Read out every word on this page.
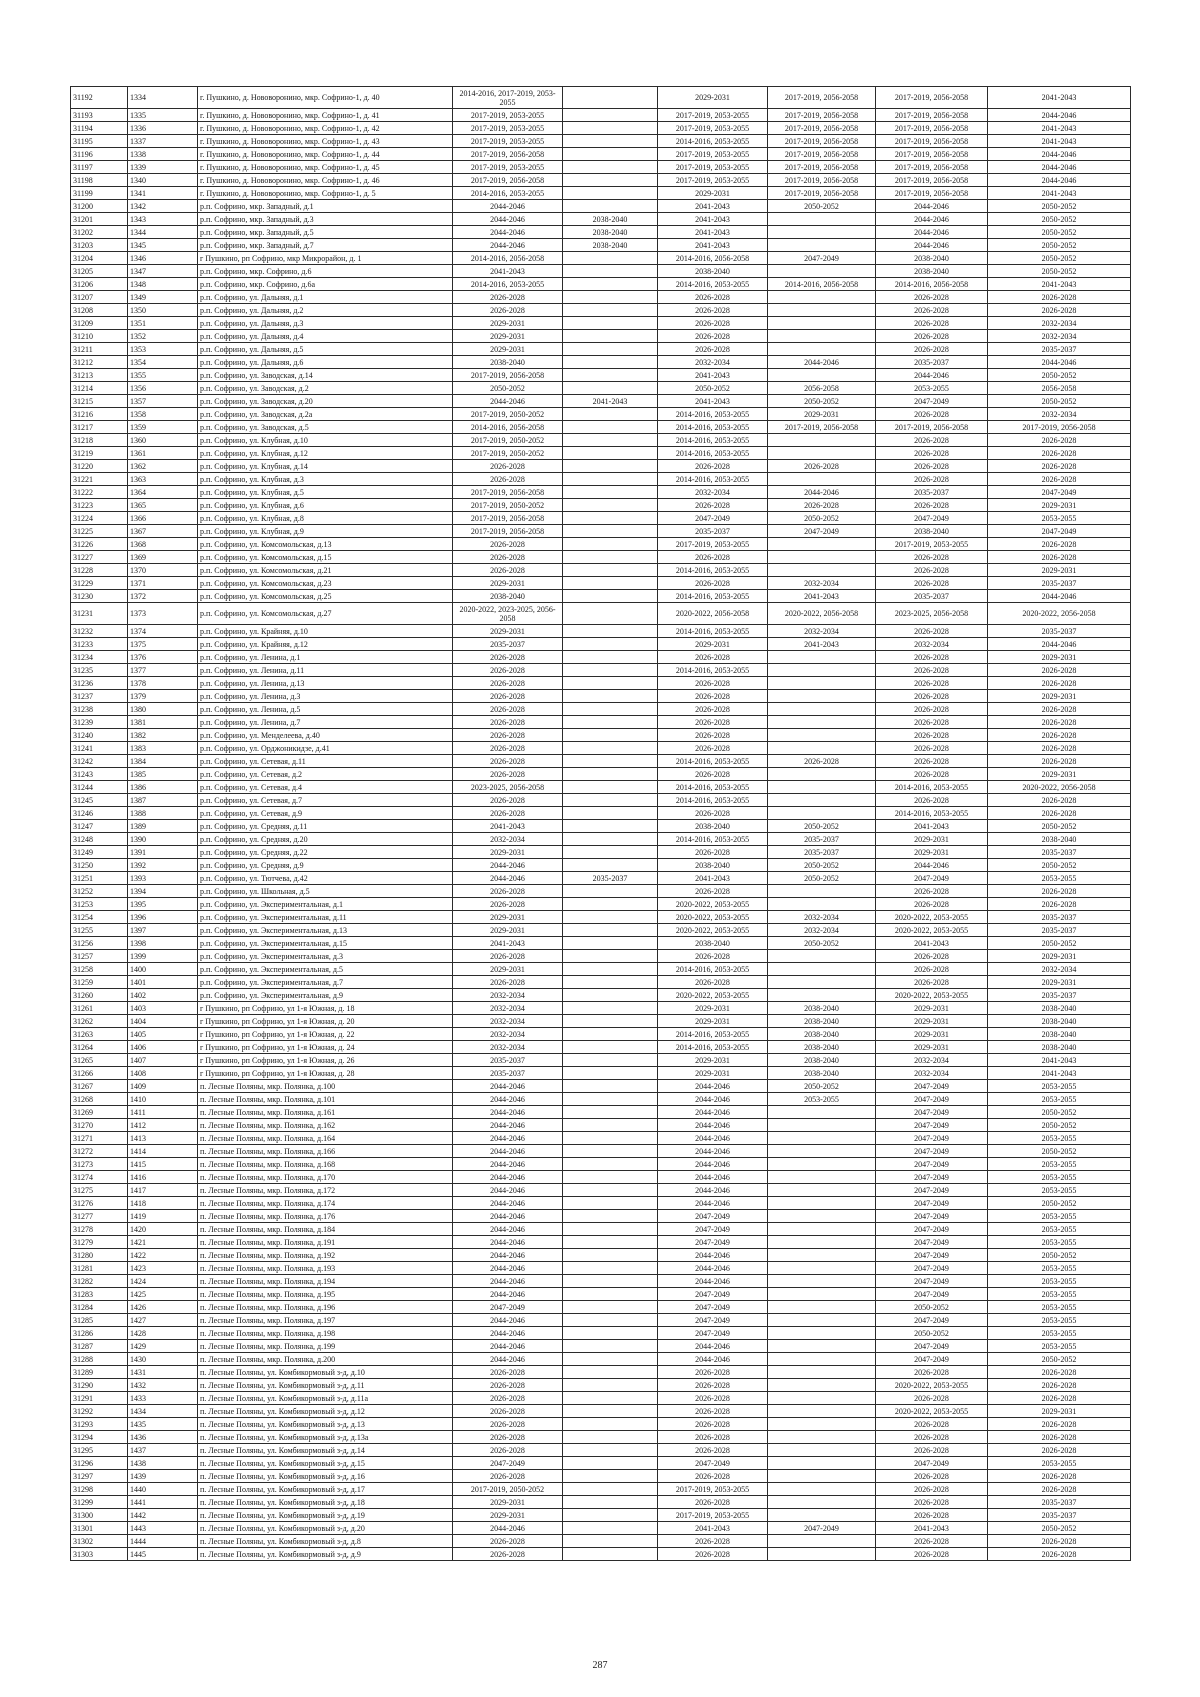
31192	1334	г. Пушкино, д. Нововоронино, мкр. Софрино-1, д. 40	2014-2016, 2017-2019, 2053-2055		2029-2031	2017-2019, 2056-2058	2017-2019, 2056-2058	2041-2043
31193	1335	г. Пушкино, д. Нововоронино, мкр. Софрино-1, д. 41	2017-2019, 2053-2055		2017-2019, 2053-2055	2017-2019, 2056-2058	2017-2019, 2056-2058	2044-2046
31194	1336	г. Пушкино, д. Нововоронино, мкр. Софрино-1, д. 42	2017-2019, 2053-2055		2017-2019, 2053-2055	2017-2019, 2056-2058	2017-2019, 2056-2058	2041-2043
31195	1337	г. Пушкино, д. Нововоронино, мкр. Софрино-1, д. 43	2017-2019, 2053-2055		2014-2016, 2053-2055	2017-2019, 2056-2058	2017-2019, 2056-2058	2041-2043
31196	1338	г. Пушкино, д. Нововоронино, мкр. Софрино-1, д. 44	2017-2019, 2056-2058		2017-2019, 2053-2055	2017-2019, 2056-2058	2017-2019, 2056-2058	2044-2046
31197	1339	г. Пушкино, д. Нововоронино, мкр. Софрино-1, д. 45	2017-2019, 2053-2055		2017-2019, 2053-2055	2017-2019, 2056-2058	2017-2019, 2056-2058	2044-2046
31198	1340	г. Пушкино, д. Нововоронино, мкр. Софрино-1, д. 46	2017-2019, 2056-2058		2017-2019, 2053-2055	2017-2019, 2056-2058	2017-2019, 2056-2058	2044-2046
31199	1341	г. Пушкино, д. Нововоронино, мкр. Софрино-1, д. 5	2014-2016, 2053-2055		2029-2031	2017-2019, 2056-2058	2017-2019, 2056-2058	2041-2043
31200	1342	р.п. Софрино, мкр. Западный, д.1	2044-2046		2041-2043	2050-2052	2044-2046	2050-2052
31201	1343	р.п. Софрино, мкр. Западный, д.3	2044-2046	2038-2040	2041-2043		2044-2046	2050-2052
31202	1344	р.п. Софрино, мкр. Западный, д.5	2044-2046	2038-2040	2041-2043		2044-2046	2050-2052
31203	1345	р.п. Софрино, мкр. Западный, д.7	2044-2046	2038-2040	2041-2043		2044-2046	2050-2052
31204	1346	г Пушкино, рп Софрино, мкр Микрорайон, д. 1	2014-2016, 2056-2058		2014-2016, 2056-2058	2047-2049	2038-2040	2050-2052
31205	1347	р.п. Софрино, мкр. Софрино, д.6	2041-2043		2038-2040		2038-2040	2050-2052
31206	1348	р.п. Софрино, мкр. Софрино, д.6а	2014-2016, 2053-2055		2014-2016, 2053-2055	2014-2016, 2056-2058	2014-2016, 2056-2058	2041-2043
31207	1349	р.п. Софрино, ул. Дальняя, д.1	2026-2028		2026-2028		2026-2028	2026-2028
31208	1350	р.п. Софрино, ул. Дальняя, д.2	2026-2028		2026-2028		2026-2028	2026-2028
31209	1351	р.п. Софрино, ул. Дальняя, д.3	2029-2031		2026-2028		2026-2028	2032-2034
31210	1352	р.п. Софрино, ул. Дальняя, д.4	2029-2031		2026-2028		2026-2028	2032-2034
31211	1353	р.п. Софрино, ул. Дальняя, д.5	2029-2031		2026-2028		2026-2028	2035-2037
31212	1354	р.п. Софрино, ул. Дальняя, д.6	2038-2040		2032-2034	2044-2046	2035-2037	2044-2046
31213	1355	р.п. Софрино, ул. Заводская, д.14	2017-2019, 2056-2058		2041-2043		2044-2046	2050-2052
31214	1356	р.п. Софрино, ул. Заводская, д.2	2050-2052		2050-2052	2056-2058	2053-2055	2056-2058
31215	1357	р.п. Софрино, ул. Заводская, д.20	2044-2046	2041-2043	2041-2043	2050-2052	2047-2049	2050-2052
31216	1358	р.п. Софрино, ул. Заводская, д.2а	2017-2019, 2050-2052		2014-2016, 2053-2055	2029-2031	2026-2028	2032-2034
31217	1359	р.п. Софрино, ул. Заводская, д.5	2014-2016, 2056-2058		2014-2016, 2053-2055	2017-2019, 2056-2058	2017-2019, 2056-2058	2017-2019, 2056-2058
31218	1360	р.п. Софрино, ул. Клубная, д.10	2017-2019, 2050-2052		2014-2016, 2053-2055		2026-2028	2026-2028
31219	1361	р.п. Софрино, ул. Клубная, д.12	2017-2019, 2050-2052		2014-2016, 2053-2055		2026-2028	2026-2028
31220	1362	р.п. Софрино, ул. Клубная, д.14	2026-2028		2026-2028	2026-2028	2026-2028	2026-2028
31221	1363	р.п. Софрино, ул. Клубная, д.3	2026-2028		2014-2016, 2053-2055		2026-2028	2026-2028
31222	1364	р.п. Софрино, ул. Клубная, д.5	2017-2019, 2056-2058		2032-2034	2044-2046	2035-2037	2047-2049
31223	1365	р.п. Софрино, ул. Клубная, д.6	2017-2019, 2050-2052		2026-2028	2026-2028	2026-2028	2029-2031
31224	1366	р.п. Софрино, ул. Клубная, д.8	2017-2019, 2056-2058		2047-2049	2050-2052	2047-2049	2053-2055
31225	1367	р.п. Софрино, ул. Клубная, д.9	2017-2019, 2056-2058		2035-2037	2047-2049	2038-2040	2047-2049
31226	1368	р.п. Софрино, ул. Комсомольская, д.13	2026-2028		2017-2019, 2053-2055		2017-2019, 2053-2055	2026-2028
31227	1369	р.п. Софрино, ул. Комсомольская, д.15	2026-2028		2026-2028		2026-2028	2026-2028
31228	1370	р.п. Софрино, ул. Комсомольская, д.21	2026-2028		2014-2016, 2053-2055		2026-2028	2029-2031
31229	1371	р.п. Софрино, ул. Комсомольская, д.23	2029-2031		2026-2028	2032-2034	2026-2028	2035-2037
31230	1372	р.п. Софрино, ул. Комсомольская, д.25	2038-2040		2014-2016, 2053-2055	2041-2043	2035-2037	2044-2046
31231	1373	р.п. Софрино, ул. Комсомольская, д.27	2020-2022, 2023-2025, 2056-2058		2020-2022, 2056-2058	2020-2022, 2056-2058	2023-2025, 2056-2058	2020-2022, 2056-2058
31232	1374	р.п. Софрино, ул. Крайняя, д.10	2029-2031		2014-2016, 2053-2055	2032-2034	2026-2028	2035-2037
31233	1375	р.п. Софрино, ул. Крайняя, д.12	2035-2037		2029-2031	2041-2043	2032-2034	2044-2046
31234	1376	р.п. Софрино, ул. Ленина, д.1	2026-2028		2026-2028		2026-2028	2029-2031
31235	1377	р.п. Софрино, ул. Ленина, д.11	2026-2028		2014-2016, 2053-2055		2026-2028	2026-2028
31236	1378	р.п. Софрино, ул. Ленина, д.13	2026-2028		2026-2028		2026-2028	2026-2028
31237	1379	р.п. Софрино, ул. Ленина, д.3	2026-2028		2026-2028		2026-2028	2029-2031
31238	1380	р.п. Софрино, ул. Ленина, д.5	2026-2028		2026-2028		2026-2028	2026-2028
31239	1381	р.п. Софрино, ул. Ленина, д.7	2026-2028		2026-2028		2026-2028	2026-2028
31240	1382	р.п. Софрино, ул. Менделеева, д.40	2026-2028		2026-2028		2026-2028	2026-2028
31241	1383	р.п. Софрино, ул. Орджоникидзе, д.41	2026-2028		2026-2028		2026-2028	2026-2028
31242	1384	р.п. Софрино, ул. Сетевая, д.11	2026-2028		2014-2016, 2053-2055	2026-2028	2026-2028	2026-2028
31243	1385	р.п. Софрино, ул. Сетевая, д.2	2026-2028		2026-2028		2026-2028	2029-2031
31244	1386	р.п. Софрино, ул. Сетевая, д.4	2023-2025, 2056-2058		2014-2016, 2053-2055		2014-2016, 2053-2055	2020-2022, 2056-2058
31245	1387	р.п. Софрино, ул. Сетевая, д.7	2026-2028		2014-2016, 2053-2055		2026-2028	2026-2028
31246	1388	р.п. Софрино, ул. Сетевая, д.9	2026-2028		2026-2028		2014-2016, 2053-2055	2026-2028
31247	1389	р.п. Софрино, ул. Средняя, д.11	2041-2043		2038-2040	2050-2052	2041-2043	2050-2052
31248	1390	р.п. Софрино, ул. Средняя, д.20	2032-2034		2014-2016, 2053-2055	2035-2037	2029-2031	2038-2040
31249	1391	р.п. Софрино, ул. Средняя, д.22	2029-2031		2026-2028	2035-2037	2029-2031	2035-2037
31250	1392	р.п. Софрино, ул. Средняя, д.9	2044-2046		2038-2040	2050-2052	2044-2046	2050-2052
31251	1393	р.п. Софрино, ул. Тютчева, д.42	2044-2046	2035-2037	2041-2043	2050-2052	2047-2049	2053-2055
31252	1394	р.п. Софрино, ул. Школьная, д.5	2026-2028		2026-2028		2026-2028	2026-2028
31253	1395	р.п. Софрино, ул. Экспериментальная, д.1	2026-2028		2020-2022, 2053-2055		2026-2028	2026-2028
31254	1396	р.п. Софрино, ул. Экспериментальная, д.11	2029-2031		2020-2022, 2053-2055	2032-2034	2020-2022, 2053-2055	2035-2037
31255	1397	р.п. Софрино, ул. Экспериментальная, д.13	2029-2031		2020-2022, 2053-2055	2032-2034	2020-2022, 2053-2055	2035-2037
31256	1398	р.п. Софрино, ул. Экспериментальная, д.15	2041-2043		2038-2040	2050-2052	2041-2043	2050-2052
31257	1399	р.п. Софрино, ул. Экспериментальная, д.3	2026-2028		2026-2028		2026-2028	2029-2031
31258	1400	р.п. Софрино, ул. Экспериментальная, д.5	2029-2031		2014-2016, 2053-2055		2026-2028	2032-2034
31259	1401	р.п. Софрино, ул. Экспериментальная, д.7	2026-2028		2026-2028		2026-2028	2029-2031
31260	1402	р.п. Софрино, ул. Экспериментальная, д.9	2032-2034		2020-2022, 2053-2055		2020-2022, 2053-2055	2035-2037
31261	1403	г Пушкино, рп Софрино, ул 1-я Южная, д. 18	2032-2034		2029-2031	2038-2040	2029-2031	2038-2040
31262	1404	г Пушкино, рп Софрино, ул 1-я Южная, д. 20	2032-2034		2029-2031	2038-2040	2029-2031	2038-2040
31263	1405	г Пушкино, рп Софрино, ул 1-я Южная, д. 22	2032-2034		2014-2016, 2053-2055	2038-2040	2029-2031	2038-2040
31264	1406	г Пушкино, рп Софрино, ул 1-я Южная, д. 24	2032-2034		2014-2016, 2053-2055	2038-2040	2029-2031	2038-2040
31265	1407	г Пушкино, рп Софрино, ул 1-я Южная, д. 26	2035-2037		2029-2031	2038-2040	2032-2034	2041-2043
31266	1408	г Пушкино, рп Софрино, ул 1-я Южная, д. 28	2035-2037		2029-2031	2038-2040	2032-2034	2041-2043
31267	1409	п. Лесные Поляны, мкр. Полянка, д.100	2044-2046		2044-2046	2050-2052	2047-2049	2053-2055
31268	1410	п. Лесные Поляны, мкр. Полянка, д.101	2044-2046		2044-2046	2053-2055	2047-2049	2053-2055
31269	1411	п. Лесные Поляны, мкр. Полянка, д.161	2044-2046		2044-2046		2047-2049	2050-2052
31270	1412	п. Лесные Поляны, мкр. Полянка, д.162	2044-2046		2044-2046		2047-2049	2050-2052
31271	1413	п. Лесные Поляны, мкр. Полянка, д.164	2044-2046		2044-2046		2047-2049	2053-2055
31272	1414	п. Лесные Поляны, мкр. Полянка, д.166	2044-2046		2044-2046		2047-2049	2050-2052
31273	1415	п. Лесные Поляны, мкр. Полянка, д.168	2044-2046		2044-2046		2047-2049	2053-2055
31274	1416	п. Лесные Поляны, мкр. Полянка, д.170	2044-2046		2044-2046		2047-2049	2053-2055
31275	1417	п. Лесные Поляны, мкр. Полянка, д.172	2044-2046		2044-2046		2047-2049	2053-2055
31276	1418	п. Лесные Поляны, мкр. Полянка, д.174	2044-2046		2044-2046		2047-2049	2050-2052
31277	1419	п. Лесные Поляны, мкр. Полянка, д.176	2044-2046		2047-2049		2047-2049	2053-2055
31278	1420	п. Лесные Поляны, мкр. Полянка, д.184	2044-2046		2047-2049		2047-2049	2053-2055
31279	1421	п. Лесные Поляны, мкр. Полянка, д.191	2044-2046		2047-2049		2047-2049	2053-2055
31280	1422	п. Лесные Поляны, мкр. Полянка, д.192	2044-2046		2044-2046		2047-2049	2050-2052
31281	1423	п. Лесные Поляны, мкр. Полянка, д.193	2044-2046		2044-2046		2047-2049	2053-2055
31282	1424	п. Лесные Поляны, мкр. Полянка, д.194	2044-2046		2044-2046		2047-2049	2053-2055
31283	1425	п. Лесные Поляны, мкр. Полянка, д.195	2044-2046		2047-2049		2047-2049	2053-2055
31284	1426	п. Лесные Поляны, мкр. Полянка, д.196	2047-2049		2047-2049		2050-2052	2053-2055
31285	1427	п. Лесные Поляны, мкр. Полянка, д.197	2044-2046		2047-2049		2047-2049	2053-2055
31286	1428	п. Лесные Поляны, мкр. Полянка, д.198	2044-2046		2047-2049		2050-2052	2053-2055
31287	1429	п. Лесные Поляны, мкр. Полянка, д.199	2044-2046		2044-2046		2047-2049	2053-2055
31288	1430	п. Лесные Поляны, мкр. Полянка, д.200	2044-2046		2044-2046		2047-2049	2050-2052
31289	1431	п. Лесные Поляны, ул. Комбикормовый з-д, д.10	2026-2028		2026-2028		2026-2028	2026-2028
31290	1432	п. Лесные Поляны, ул. Комбикормовый з-д, д.11	2026-2028		2026-2028		2020-2022, 2053-2055	2026-2028
31291	1433	п. Лесные Поляны, ул. Комбикормовый з-д, д.11а	2026-2028		2026-2028		2026-2028	2026-2028
31292	1434	п. Лесные Поляны, ул. Комбикормовый з-д, д.12	2026-2028		2026-2028		2020-2022, 2053-2055	2029-2031
31293	1435	п. Лесные Поляны, ул. Комбикормовый з-д, д.13	2026-2028		2026-2028		2026-2028	2026-2028
31294	1436	п. Лесные Поляны, ул. Комбикормовый з-д, д.13а	2026-2028		2026-2028		2026-2028	2026-2028
31295	1437	п. Лесные Поляны, ул. Комбикормовый з-д, д.14	2026-2028		2026-2028		2026-2028	2026-2028
31296	1438	п. Лесные Поляны, ул. Комбикормовый з-д, д.15	2047-2049		2047-2049		2047-2049	2053-2055
31297	1439	п. Лесные Поляны, ул. Комбикормовый з-д, д.16	2026-2028		2026-2028		2026-2028	2026-2028
31298	1440	п. Лесные Поляны, ул. Комбикормовый з-д, д.17	2017-2019, 2050-2052		2017-2019, 2053-2055		2026-2028	2026-2028
31299	1441	п. Лесные Поляны, ул. Комбикормовый з-д, д.18	2029-2031		2026-2028		2026-2028	2035-2037
31300	1442	п. Лесные Поляны, ул. Комбикормовый з-д, д.19	2029-2031		2017-2019, 2053-2055		2026-2028	2035-2037
31301	1443	п. Лесные Поляны, ул. Комбикормовый з-д, д.20	2044-2046		2041-2043	2047-2049	2041-2043	2050-2052
31302	1444	п. Лесные Поляны, ул. Комбикормовый з-д, д.8	2026-2028		2026-2028		2026-2028	2026-2028
31303	1445	п. Лесные Поляны, ул. Комбикормовый з-д, д.9	2026-2028		2026-2028		2026-2028	2026-2028
287
